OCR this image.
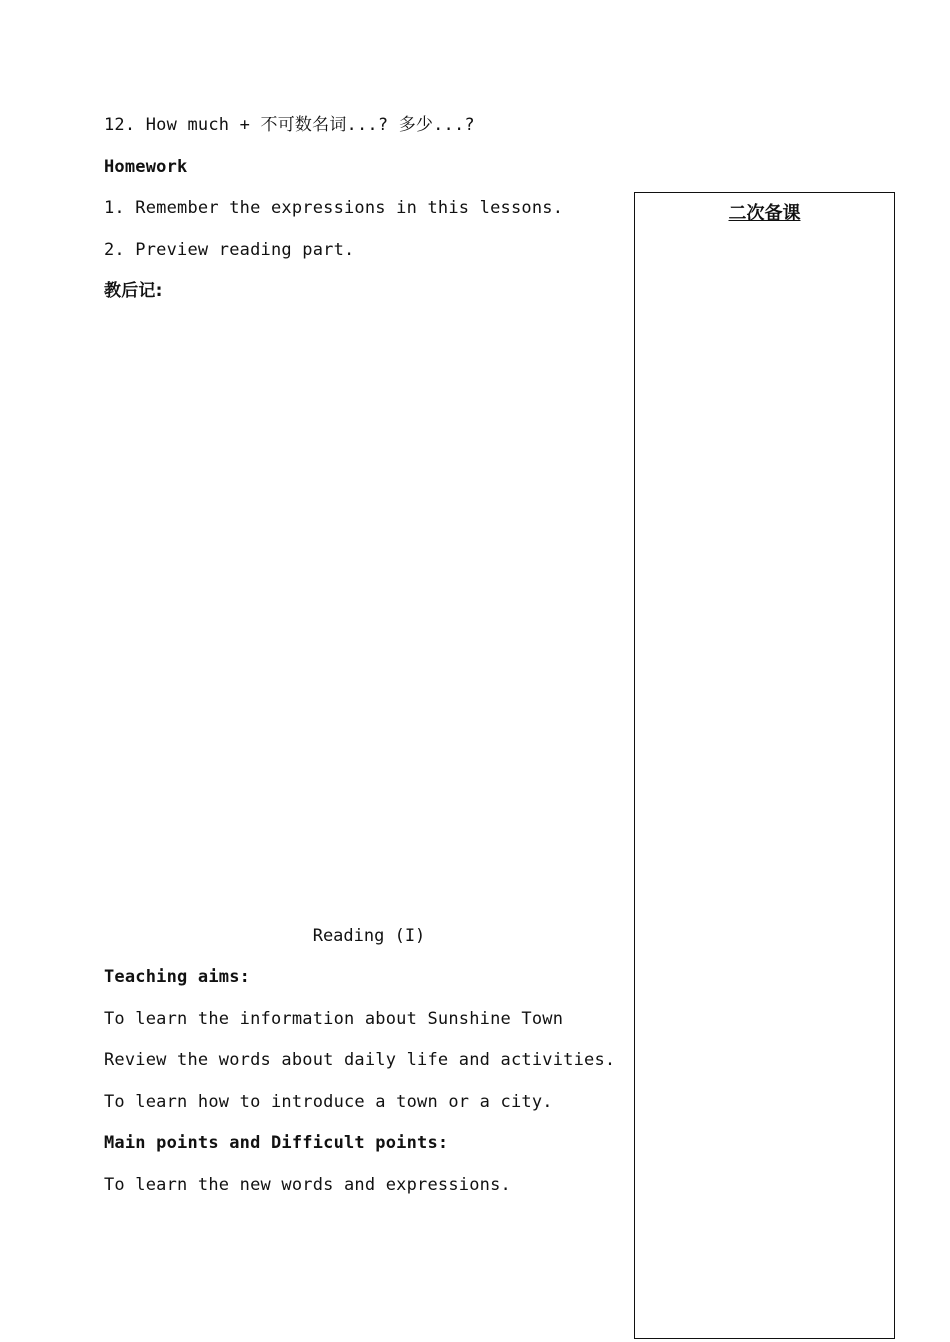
12. How much + 不可数名词...? 多少...?
Homework
1. Remember the expressions in this lessons.
2. Preview reading part.
教后记:
二次备课
Reading (I)
Teaching aims:
To learn the information about Sunshine Town
Review the words about daily life and activities.
To learn how to introduce a town or a city.
Main points and Difficult points:
To learn the new words and expressions.
